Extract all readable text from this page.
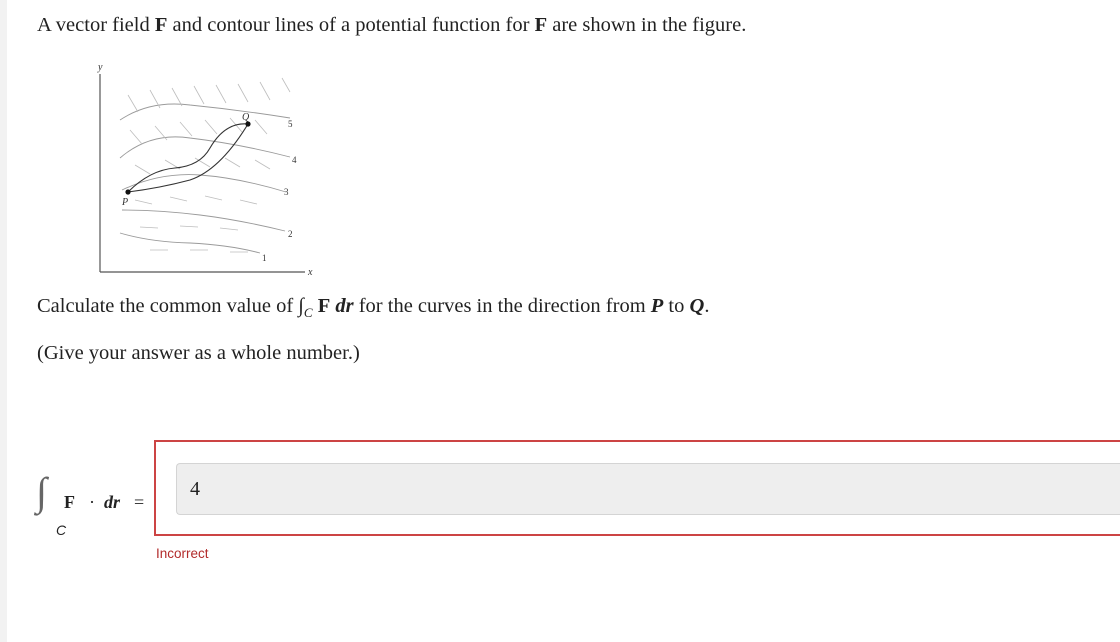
A vector field F and contour lines of a potential function for F are shown in the figure.
y
x
P
Q
1
2
3
4
5
Calculate the common value of $\int_C$ F dr for the curves in the direction from P to Q.
(Give your answer as a whole number.)
∫
C
F · dr =
4
Incorrect
